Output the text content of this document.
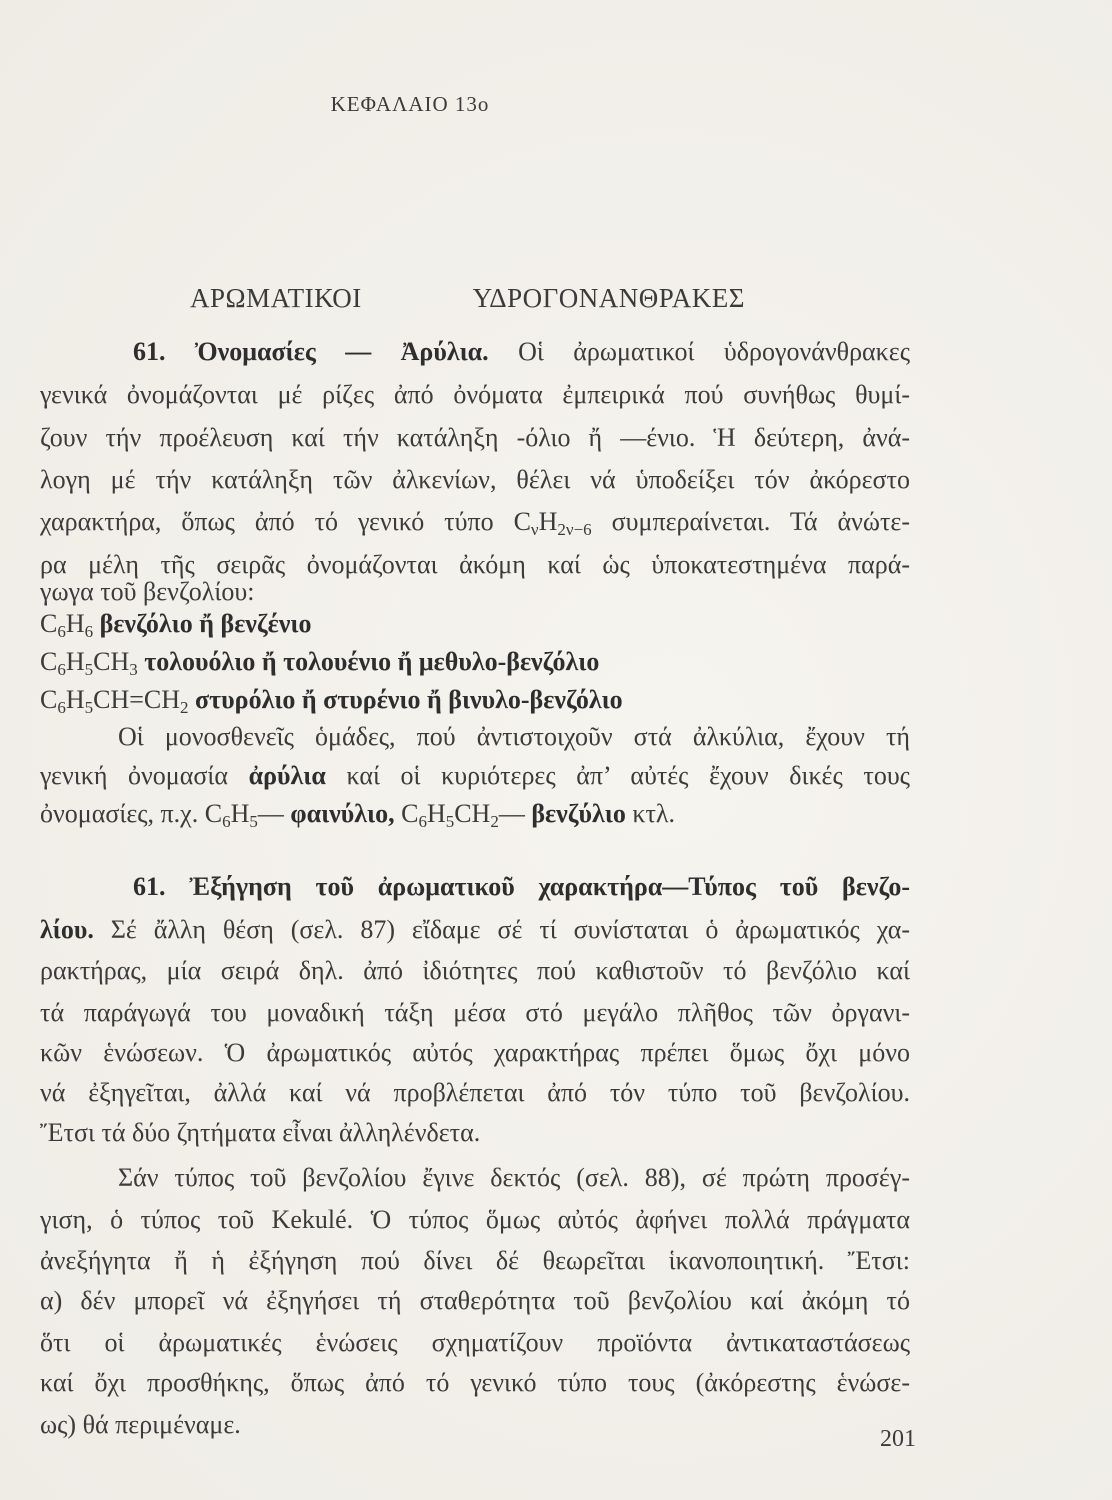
ΚΕΦΑΛΑΙΟ 13ο
ΑΡΩΜΑΤΙΚΟΙ ΥΔΡΟΓΟΝΑΝΘΡΑΚΕΣ
61. Ὀνομασίες — Ἀρύλια. Οἱ ἀρωματικοί ὑδρογονάνθρακες
γενικά ὀνομάζονται μέ ρίζες ἀπό ὀνόματα ἐμπειρικά πού συνήθως θυμί-
ζουν τήν προέλευση καί τήν κατάληξη -όλιο ἤ —ένιο. Ἡ δεύτερη, ἀνά-
λογη μέ τήν κατάληξη τῶν ἀλκενίων, θέλει νά ὑποδείξει τόν ἀκόρεστο
χαρακτήρα, ὅπως ἀπό τό γενικό τύπο $C_\nu H_{2\nu-6}$ συμπεραίνεται. Τά ἀνώτε-
ρα μέλη τῆς σειρᾶς ὀνομάζονται ἀκόμη καί ὡς ὑποκατεστημένα παρά-
γωγα τοῦ βενζολίου:
$C_6H_6$ βενζόλιο ἤ βενζένιο
$C_6H_5CH_3$ τολουόλιο ἤ τολουένιο ἤ μεθυλο-βενζόλιο
$C_6H_5CH=CH_2$ στυρόλιο ἤ στυρένιο ἤ βινυλο-βενζόλιο
Οἱ μονοσθενεῖς ὁμάδες, πού ἀντιστοιχοῦν στά ἀλκύλια, ἔχουν τή
γενική ὀνομασία ἀρύλια καί οἱ κυριότερες ἀπ’ αὐτές ἔχουν δικές τους
ὀνομασίες, π.χ. $C_6H_5—$ φαινύλιο, $C_6H_5CH_2—$ βενζύλιο κτλ.
61. Ἐξήγηση τοῦ ἀρωματικοῦ χαρακτήρα—Τύπος τοῦ βενζο-
λίου. Σέ ἄλλη θέση (σελ. 87) εἴδαμε σέ τί συνίσταται ὁ ἀρωματικός χα-
ρακτήρας, μία σειρά δηλ. ἀπό ἰδιότητες πού καθιστοῦν τό βενζόλιο καί
τά παράγωγά του μοναδική τάξη μέσα στό μεγάλο πλῆθος τῶν ὀργανι-
κῶν ἑνώσεων. Ὁ ἀρωματικός αὐτός χαρακτήρας πρέπει ὅμως ὄχι μόνο
νά ἐξηγεῖται, ἀλλά καί νά προβλέπεται ἀπό τόν τύπο τοῦ βενζολίου.
Ἔτσι τά δύο ζητήματα εἶναι ἀλληλένδετα.
Σάν τύπος τοῦ βενζολίου ἔγινε δεκτός (σελ. 88), σέ πρώτη προσέγ-
γιση, ὁ τύπος τοῦ Kekulé. Ὁ τύπος ὅμως αὐτός ἀφήνει πολλά πράγματα
ἀνεξήγητα ἤ ἡ ἐξήγηση πού δίνει δέ θεωρεῖται ἱκανοποιητική. Ἔτσι:
α) δέν μπορεῖ νά ἐξηγήσει τή σταθερότητα τοῦ βενζολίου καί ἀκόμη τό
ὅτι οἱ ἀρωματικές ἑνώσεις σχηματίζουν προϊόντα ἀντικαταστάσεως
καί ὄχι προσθήκης, ὅπως ἀπό τό γενικό τύπο τους (ἀκόρεστης ἑνώσε-
ως) θά περιμέναμε.	201
